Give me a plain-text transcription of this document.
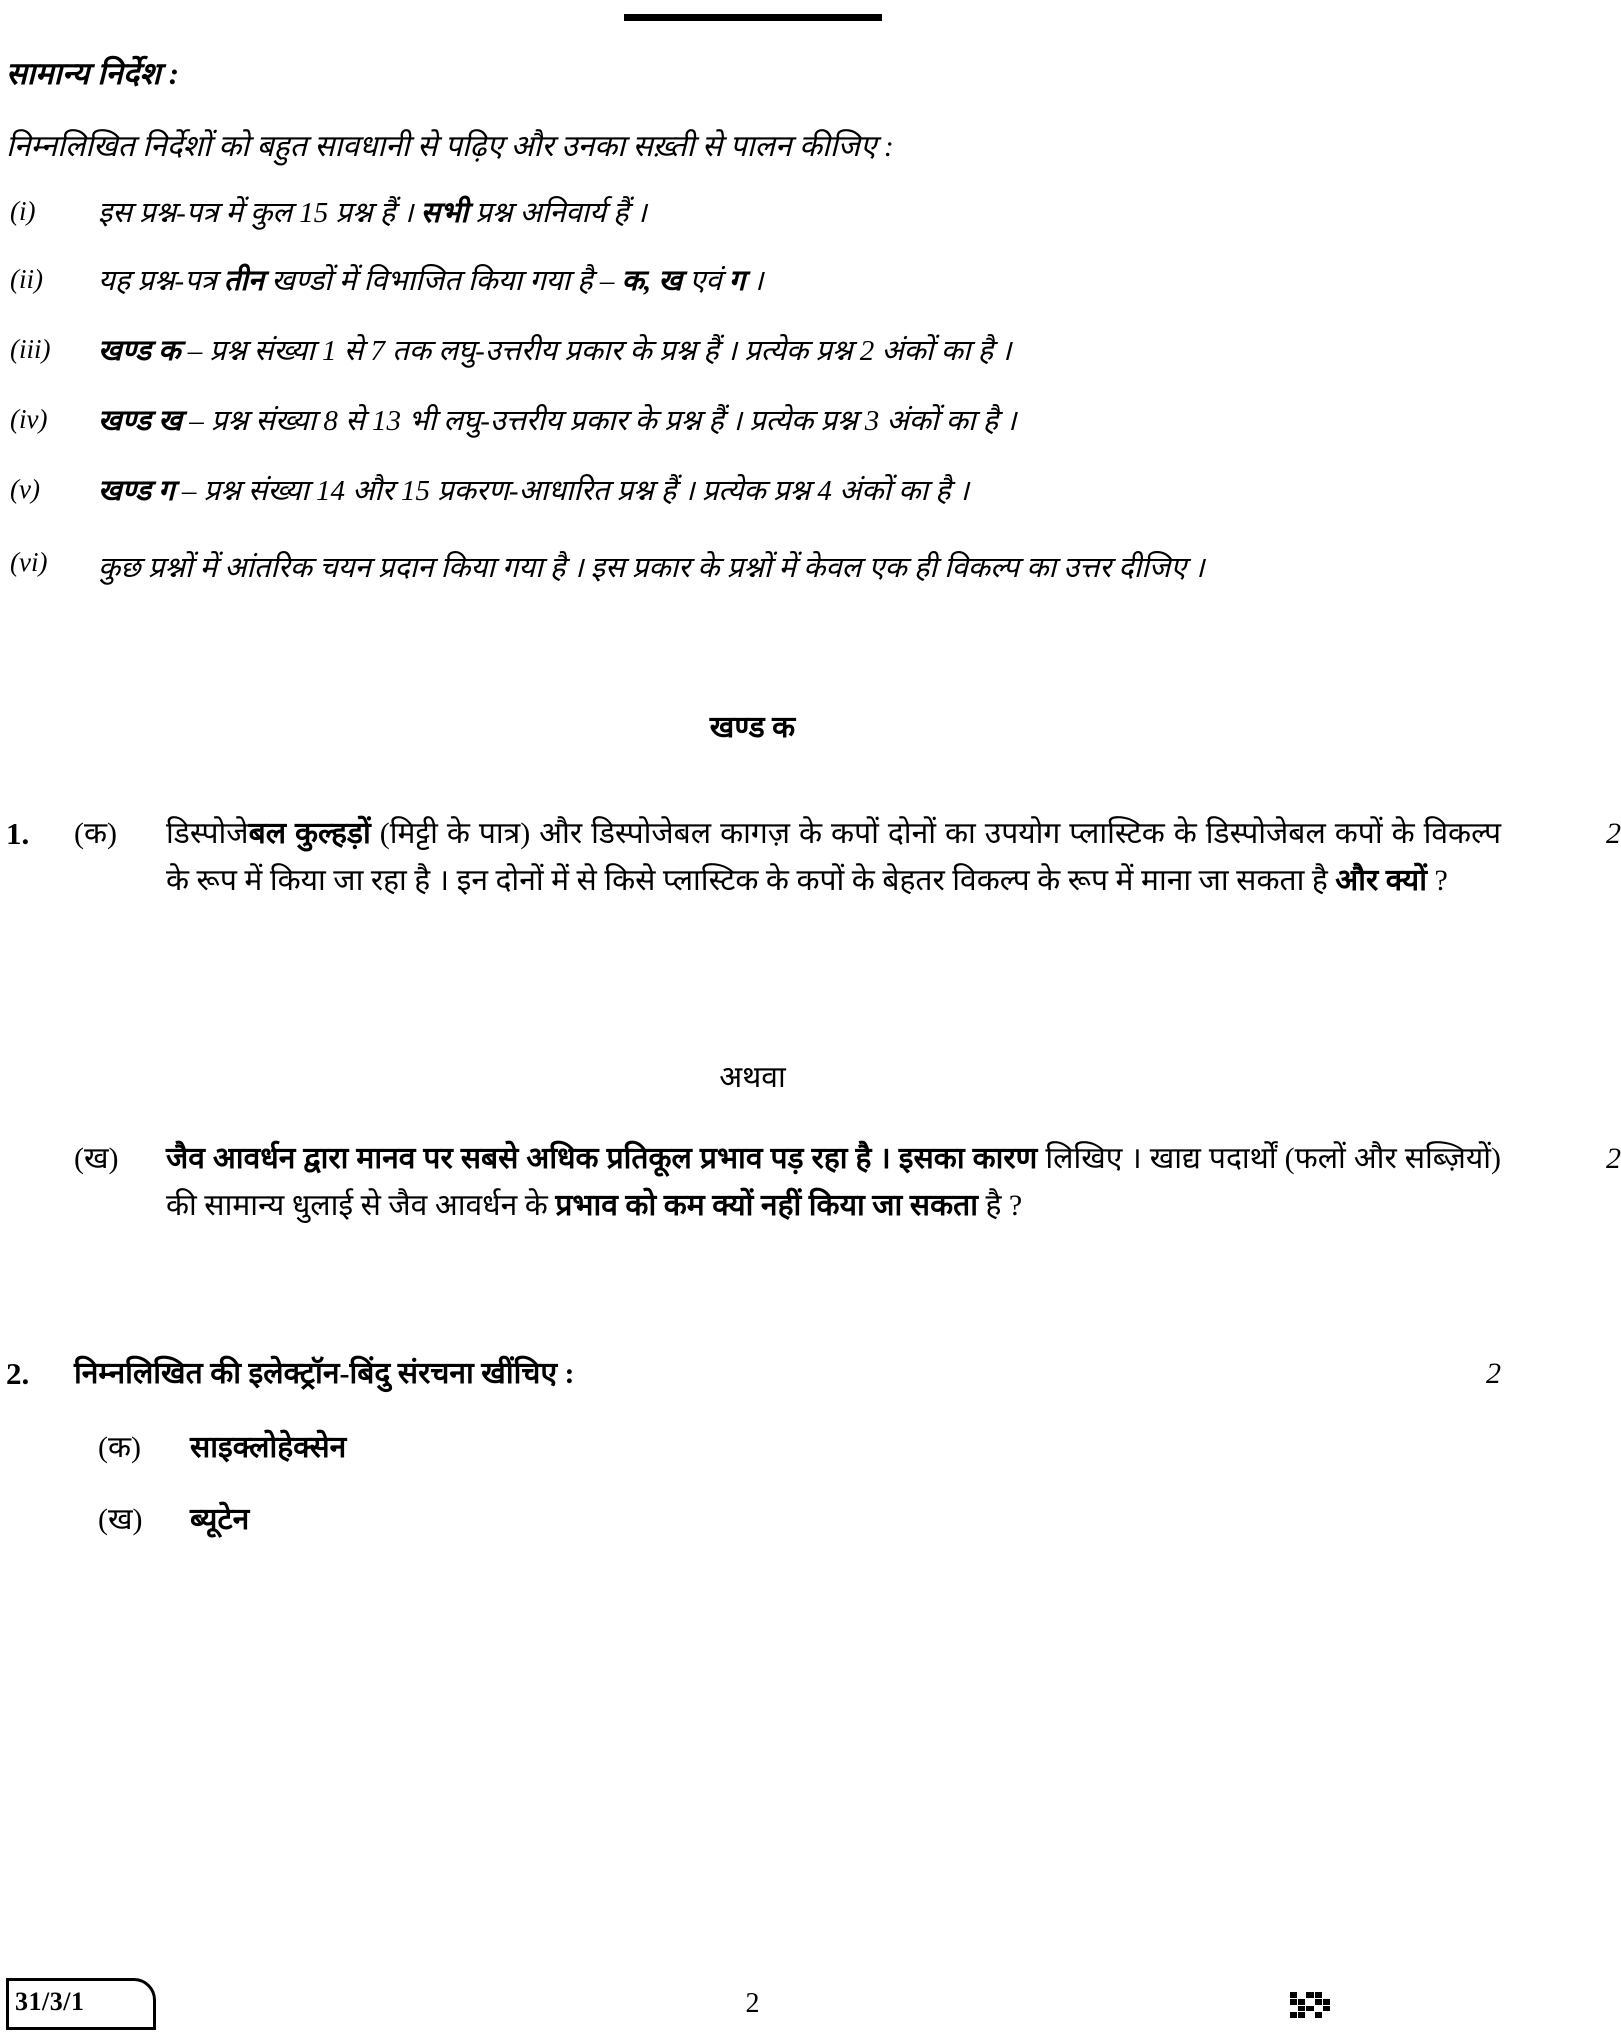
सामान्य निर्देश :
निम्नलिखित निर्देशों को बहुत सावधानी से पढ़िए और उनका सख़्ती से पालन कीजिए :
(i)	इस प्रश्न-पत्र में कुल 15 प्रश्न हैं । सभी प्रश्न अनिवार्य हैं ।
(ii)	यह प्रश्न-पत्र तीन खण्डों में विभाजित किया गया है – क, ख एवं ग ।
(iii)	खण्ड क – प्रश्न संख्या 1 से 7 तक लघु-उत्तरीय प्रकार के प्रश्न हैं । प्रत्येक प्रश्न 2 अंकों का है ।
(iv)	खण्ड ख – प्रश्न संख्या 8 से 13 भी लघु-उत्तरीय प्रकार के प्रश्न हैं । प्रत्येक प्रश्न 3 अंकों का है ।
(v)	खण्ड ग – प्रश्न संख्या 14 और 15 प्रकरण-आधारित प्रश्न हैं । प्रत्येक प्रश्न 4 अंकों का है ।
(vi)	कुछ प्रश्नों में आंतरिक चयन प्रदान किया गया है । इस प्रकार के प्रश्नों में केवल एक ही विकल्प का उत्तर दीजिए ।
खण्ड क
1.	(क)	डिस्पोजेबल कुल्हड़ों (मिट्टी के पात्र) और डिस्पोजेबल कागज़ के कपों दोनों का उपयोग प्लास्टिक के डिस्पोजेबल कपों के विकल्प के रूप में किया जा रहा है । इन दोनों में से किसे प्लास्टिक के कपों के बेहतर विकल्प के रूप में माना जा सकता है और क्यों ?
2
अथवा
(ख)	जैव आवर्धन द्वारा मानव पर सबसे अधिक प्रतिकूल प्रभाव पड़ रहा है । इसका कारण लिखिए । खाद्य पदार्थों (फलों और सब्ज़ियों) की सामान्य धुलाई से जैव आवर्धन के प्रभाव को कम क्यों नहीं किया जा सकता है ?
2
2.	निम्नलिखित की इलेक्ट्रॉन-बिंदु संरचना खींचिए :	2
(क)	साइक्लोहेक्सेन
(ख)	ब्यूटेन
31/3/1	2
